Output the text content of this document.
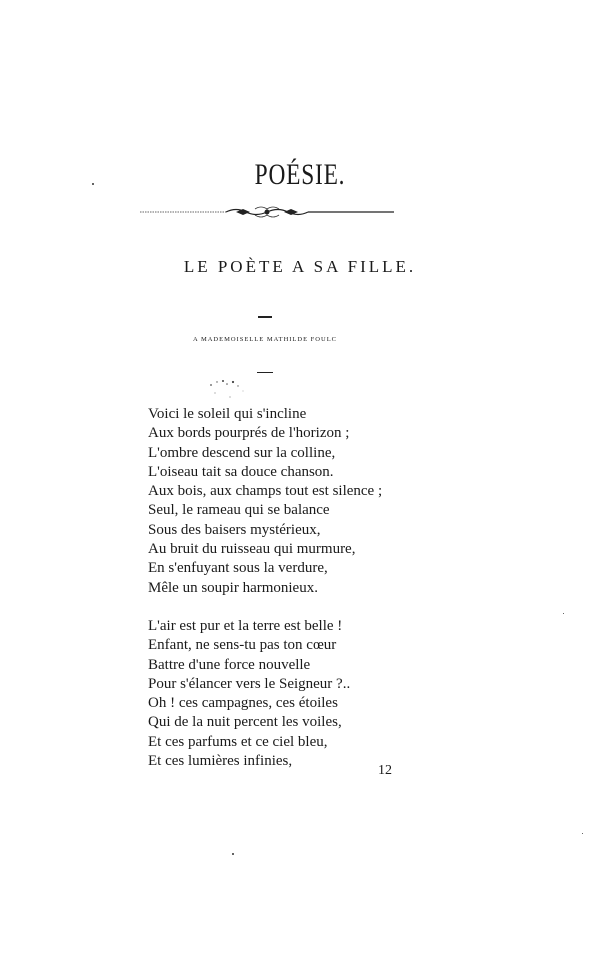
POÉSIE.
LE POÈTE A SA FILLE.
A MADEMOISELLE MATHILDE FOULC
Voici le soleil qui s'incline
Aux bords pourprés de l'horizon ;
L'ombre descend sur la colline,
L'oiseau tait sa douce chanson.
Aux bois, aux champs tout est silence ;
Seul, le rameau qui se balance
Sous des baisers mystérieux,
Au bruit du ruisseau qui murmure,
En s'enfuyant sous la verdure,
Mêle un soupir harmonieux.
L'air est pur et la terre est belle !
Enfant, ne sens-tu pas ton cœur
Battre d'une force nouvelle
Pour s'élancer vers le Seigneur ?..
Oh ! ces campagnes, ces étoiles
Qui de la nuit percent les voiles,
Et ces parfums et ce ciel bleu,
Et ces lumières infinies,
12
